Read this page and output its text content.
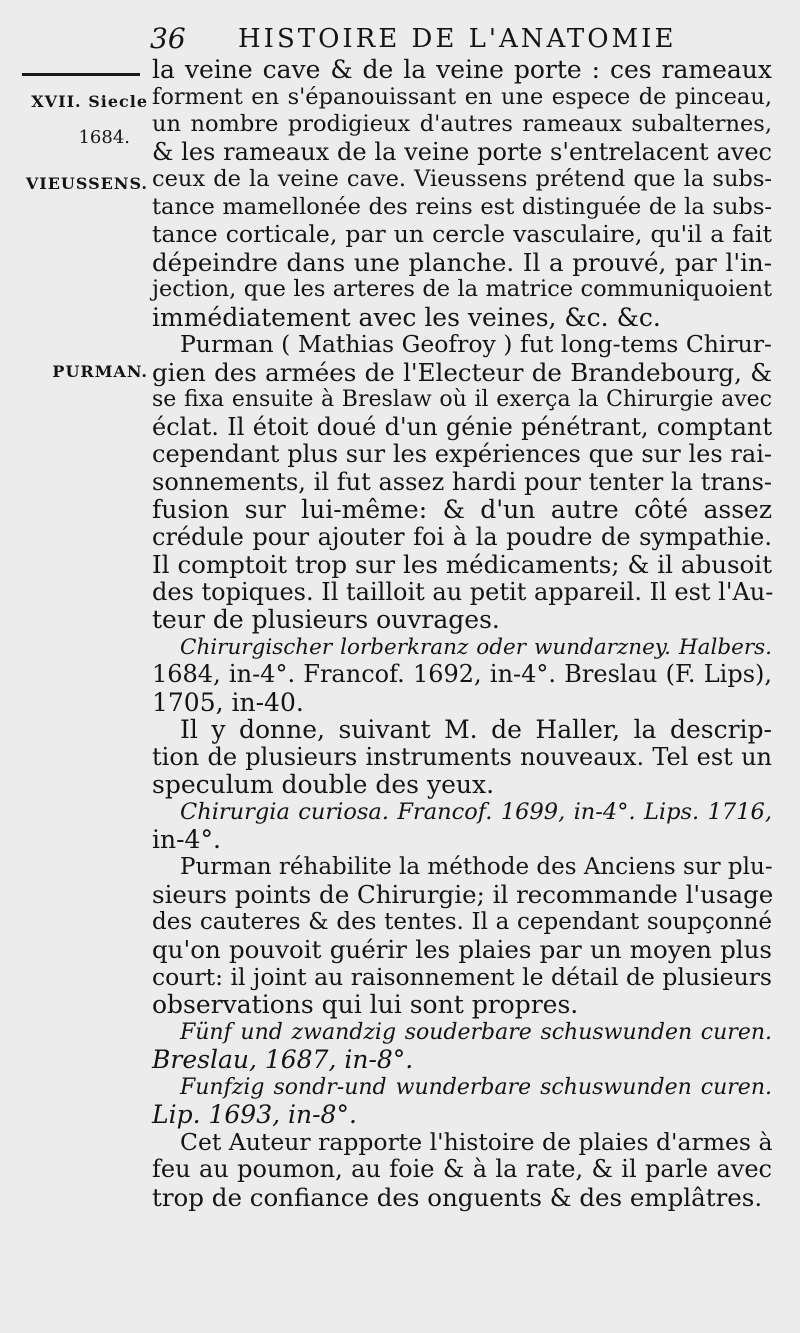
36 HISTOIRE DE L'ANATOMIE
XVII. Siecle
1684.
VIEUSSENS.
PURMAN.
la veine cave & de la veine porte : ces rameaux
forment en s'épanouissant en une espece de pinceau,
un nombre prodigieux d'autres rameaux subalternes,
& les rameaux de la veine porte s'entrelacent avec
ceux de la veine cave. Vieussens prétend que la subs-
tance mamellonée des reins est distinguée de la subs-
tance corticale, par un cercle vasculaire, qu'il a fait
dépeindre dans une planche. Il a prouvé, par l'in-
jection, que les arteres de la matrice communiquoient
immédiatement avec les veines, &c. &c.
Purman ( Mathias Geofroy ) fut long-tems Chirur-
gien des armées de l'Electeur de Brandebourg, &
se fixa ensuite à Breslaw où il exerça la Chirurgie avec
éclat. Il étoit doué d'un génie pénétrant, comptant
cependant plus sur les expériences que sur les rai-
sonnements, il fut assez hardi pour tenter la trans-
fusion sur lui-même: & d'un autre côté assez
crédule pour ajouter foi à la poudre de sympathie.
Il comptoit trop sur les médicaments; & il abusoit
des topiques. Il tailloit au petit appareil. Il est l'Au-
teur de plusieurs ouvrages.
Chirurgischer lorberkranz oder wundarzney. Halbers.
1684, in-4°. Francof. 1692, in-4°. Breslau (F. Lips),
1705, in-40.
Il y donne, suivant M. de Haller, la descrip-
tion de plusieurs instruments nouveaux. Tel est un
speculum double des yeux.
Chirurgia curiosa. Francof. 1699, in-4°. Lips. 1716,
in-4°.
Purman réhabilite la méthode des Anciens sur plu-
sieurs points de Chirurgie; il recommande l'usage
des cauteres & des tentes. Il a cependant soupçonné
qu'on pouvoit guérir les plaies par un moyen plus
court: il joint au raisonnement le détail de plusieurs
observations qui lui sont propres.
Fünf und zwandzig souderbare schuswunden curen.
Breslau, 1687, in-8°.
Funfzig sondr-und wunderbare schuswunden curen.
Lip. 1693, in-8°.
Cet Auteur rapporte l'histoire de plaies d'armes à
feu au poumon, au foie & à la rate, & il parle avec
trop de confiance des onguents & des emplâtres.
